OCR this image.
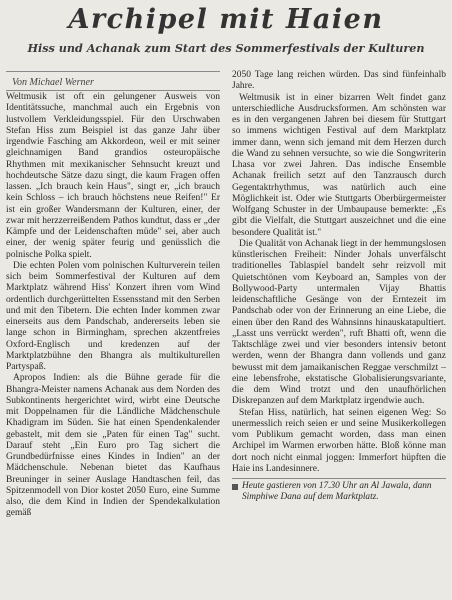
Archipel mit Haien
Hiss und Achanak zum Start des Sommerfestivals der Kulturen

Von Michael Werner

Weltmusik ist oft ein gelungener Ausweis von Identitätssuche, manchmal auch ein Ergebnis von lustvollem Verkleidungsspiel. Für den Urschwaben Stefan Hiss zum Beispiel ist das ganze Jahr über irgendwie Fasching am Akkordeon, weil er mit seiner gleichnamigen Band grandios osteuropäische Rhythmen mit mexikanischer Sehnsucht kreuzt und hochdeutsche Sätze dazu singt, die kaum Fragen offen lassen. „Ich brauch kein Haus", singt er, „ich brauch kein Schloss – ich brauch höchstens neue Reifen!" Er ist ein großer Wandersmann der Kulturen, einer, der zwar mit herzzerreißendem Pathos kundtut, dass er „der Kämpfe und der Leidenschaften müde" sei, aber auch einer, der wenig später feurig und genüsslich die polnische Polka spielt.

Die echten Polen vom polnischen Kulturverein teilen sich beim Sommerfestival der Kulturen auf dem Marktplatz während Hiss' Konzert ihren vom Wind ordentlich durchgerüttelten Essensstand mit den Serben und mit den Tibetern. Die echten Inder kommen zwar einerseits aus dem Pandschab, andererseits leben sie lange schon in Birmingham, sprechen akzentfreies Oxford-Englisch und kredenzen auf der Marktplatzbühne den Bhangra als multikulturellen Partyspaß.

Apropos Indien: als die Bühne gerade für die Bhangra-Meister namens Achanak aus dem Norden des Subkontinents hergerichtet wird, wirbt eine Deutsche mit Doppelnamen für die Ländliche Mädchenschule Khadigram im Süden. Sie hat einen Spendenkalender gebastelt, mit dem sie „Paten für einen Tag" sucht. Darauf steht „Ein Euro pro Tag sichert die Grundbedürfnisse eines Kindes in Indien" an der Mädchenschule. Nebenan bietet das Kaufhaus Breuninger in seiner Auslage Handtaschen feil, das Spitzenmodell von Dior kostet 2050 Euro, eine Summe also, die dem Kind in Indien der Spendekalkulation gemäß

2050 Tage lang reichen würden. Das sind fünfeinhalb Jahre.

Weltmusik ist in einer bizarren Welt findet ganz unterschiedliche Ausdrucksformen. Am schönsten war es in den vergangenen Jahren bei diesem für Stuttgart so immens wichtigen Festival auf dem Marktplatz immer dann, wenn sich jemand mit dem Herzen durch die Wand zu sehnen versuchte, so wie die Songwriterin Lhasa vor zwei Jahren. Das indische Ensemble Achanak freilich setzt auf den Tanzrausch durch Gegentaktrhythmus, was natürlich auch eine Möglichkeit ist. Oder wie Stuttgarts Oberbürgermeister Wolfgang Schuster in der Umbaupause bemerkte: „Es gibt die Vielfalt, die Stuttgart auszeichnet und die eine besondere Qualität ist."

Die Qualität von Achanak liegt in der hemmungslosen künstlerischen Freiheit: Ninder Johals unverfälscht traditionelles Tablaspiel bandelt sehr reizvoll mit Quietschtönen vom Keyboard an, Samples von der Bollywood-Party untermalen Vijay Bhattis leidenschaftliche Gesänge von der Erntezeit im Pandschab oder von der Erinnerung an eine Liebe, die einen über den Rand des Wahnsinns hinauskatapultiert. „Lasst uns verrückt werden", ruft Bhatti oft, wenn die Taktschläge zwei und vier besonders intensiv betont werden, wenn der Bhangra dann vollends und ganz bewusst mit dem jamaikanischen Reggae verschmilzt – eine lebensfrohe, ekstatische Globalisierungsvariante, die dem Wind trotzt und den unaufhörlichen Diskrepanzen auf dem Marktplatz irgendwie auch.

Stefan Hiss, natürlich, hat seinen eigenen Weg: So unermesslich reich seien er und seine Musikerkollegen vom Publikum gemacht worden, dass man einen Archipel im Warmen erworben hätte. Bloß könne man dort noch nicht einmal joggen: Immerfort hüpften die Haie ins Landesinnere.

Heute gastieren von 17.30 Uhr an Al Jawala, dann Simphiwe Dana auf dem Marktplatz.
